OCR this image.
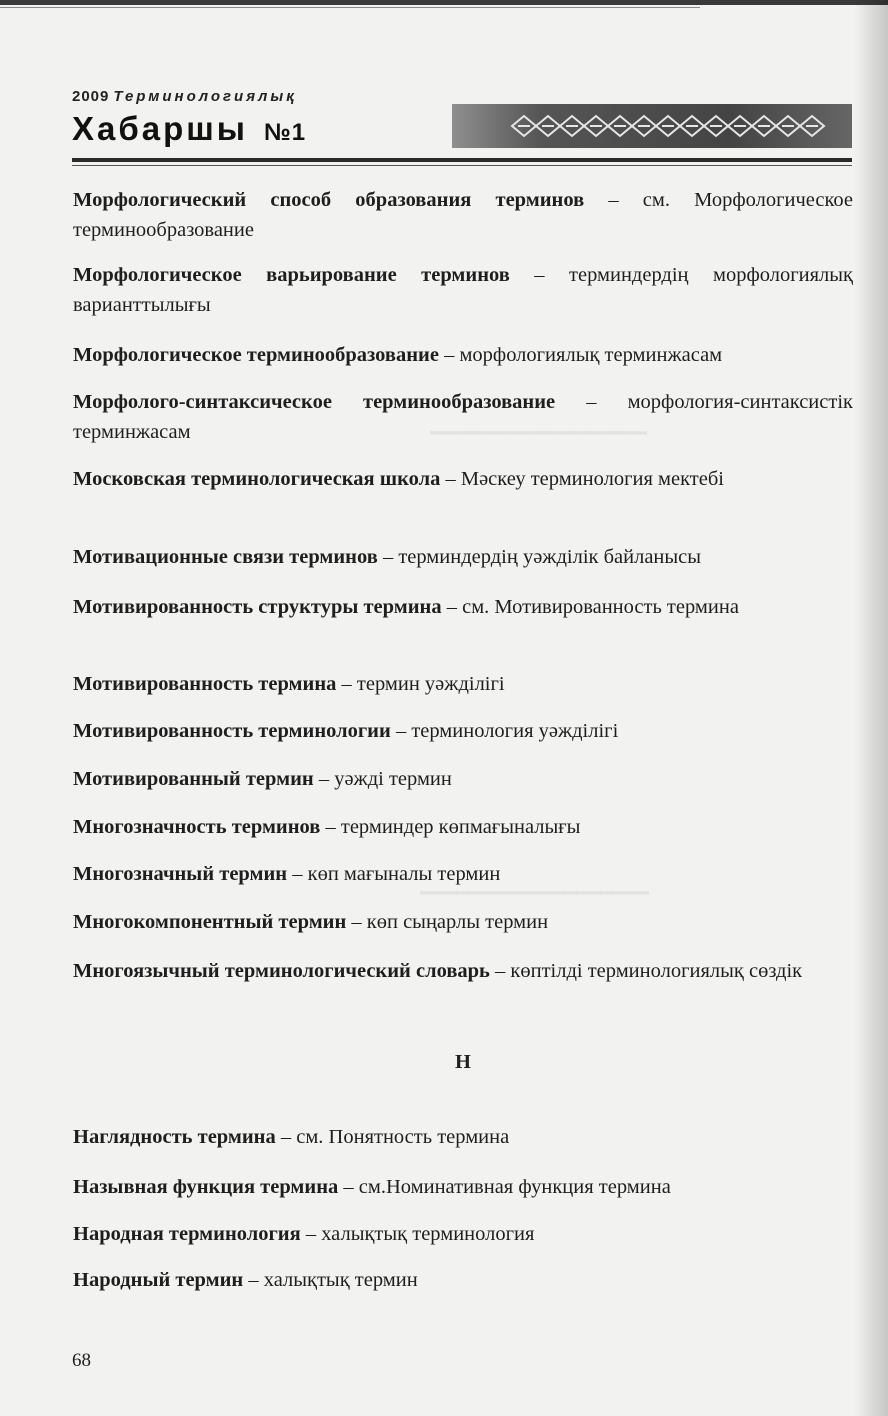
━━━━━━━━━━━━━━━━━━
━━━━━━━━━━━━━━━━━━━
2009 Терминологиялық
Хабаршы №1

Морфологический способ образования терминов – см. Морфологическое терминообразование

Морфологическое варьирование терминов – терминдердің морфологиялық варианттылығы

Морфологическое терминообразование – морфологиялық терминжасам

Морфолого-синтаксическое терминообразование – морфология-синтаксистік терминжасам

Московская терминологическая школа – Мәскеу терминология мектебі

Мотивационные связи терминов – терминдердің уәжділік байланысы

Мотивированность структуры термина – см. Мотивированность термина

Мотивированность термина – термин уәжділігі

Мотивированность терминологии – терминология уәжділігі

Мотивированный термин – уәжді термин

Многозначность терминов – терминдер көпмағыналығы

Многозначный термин – көп мағыналы термин

Многокомпонентный термин – көп сыңарлы термин

Многоязычный терминологический словарь – көптілді терминологиялық сөздік

Н

Наглядность термина – см. Понятность термина

Назывная функция термина – см.Номинативная функция термина

Народная терминология – халықтық терминология

Народный термин – халықтық термин

68
